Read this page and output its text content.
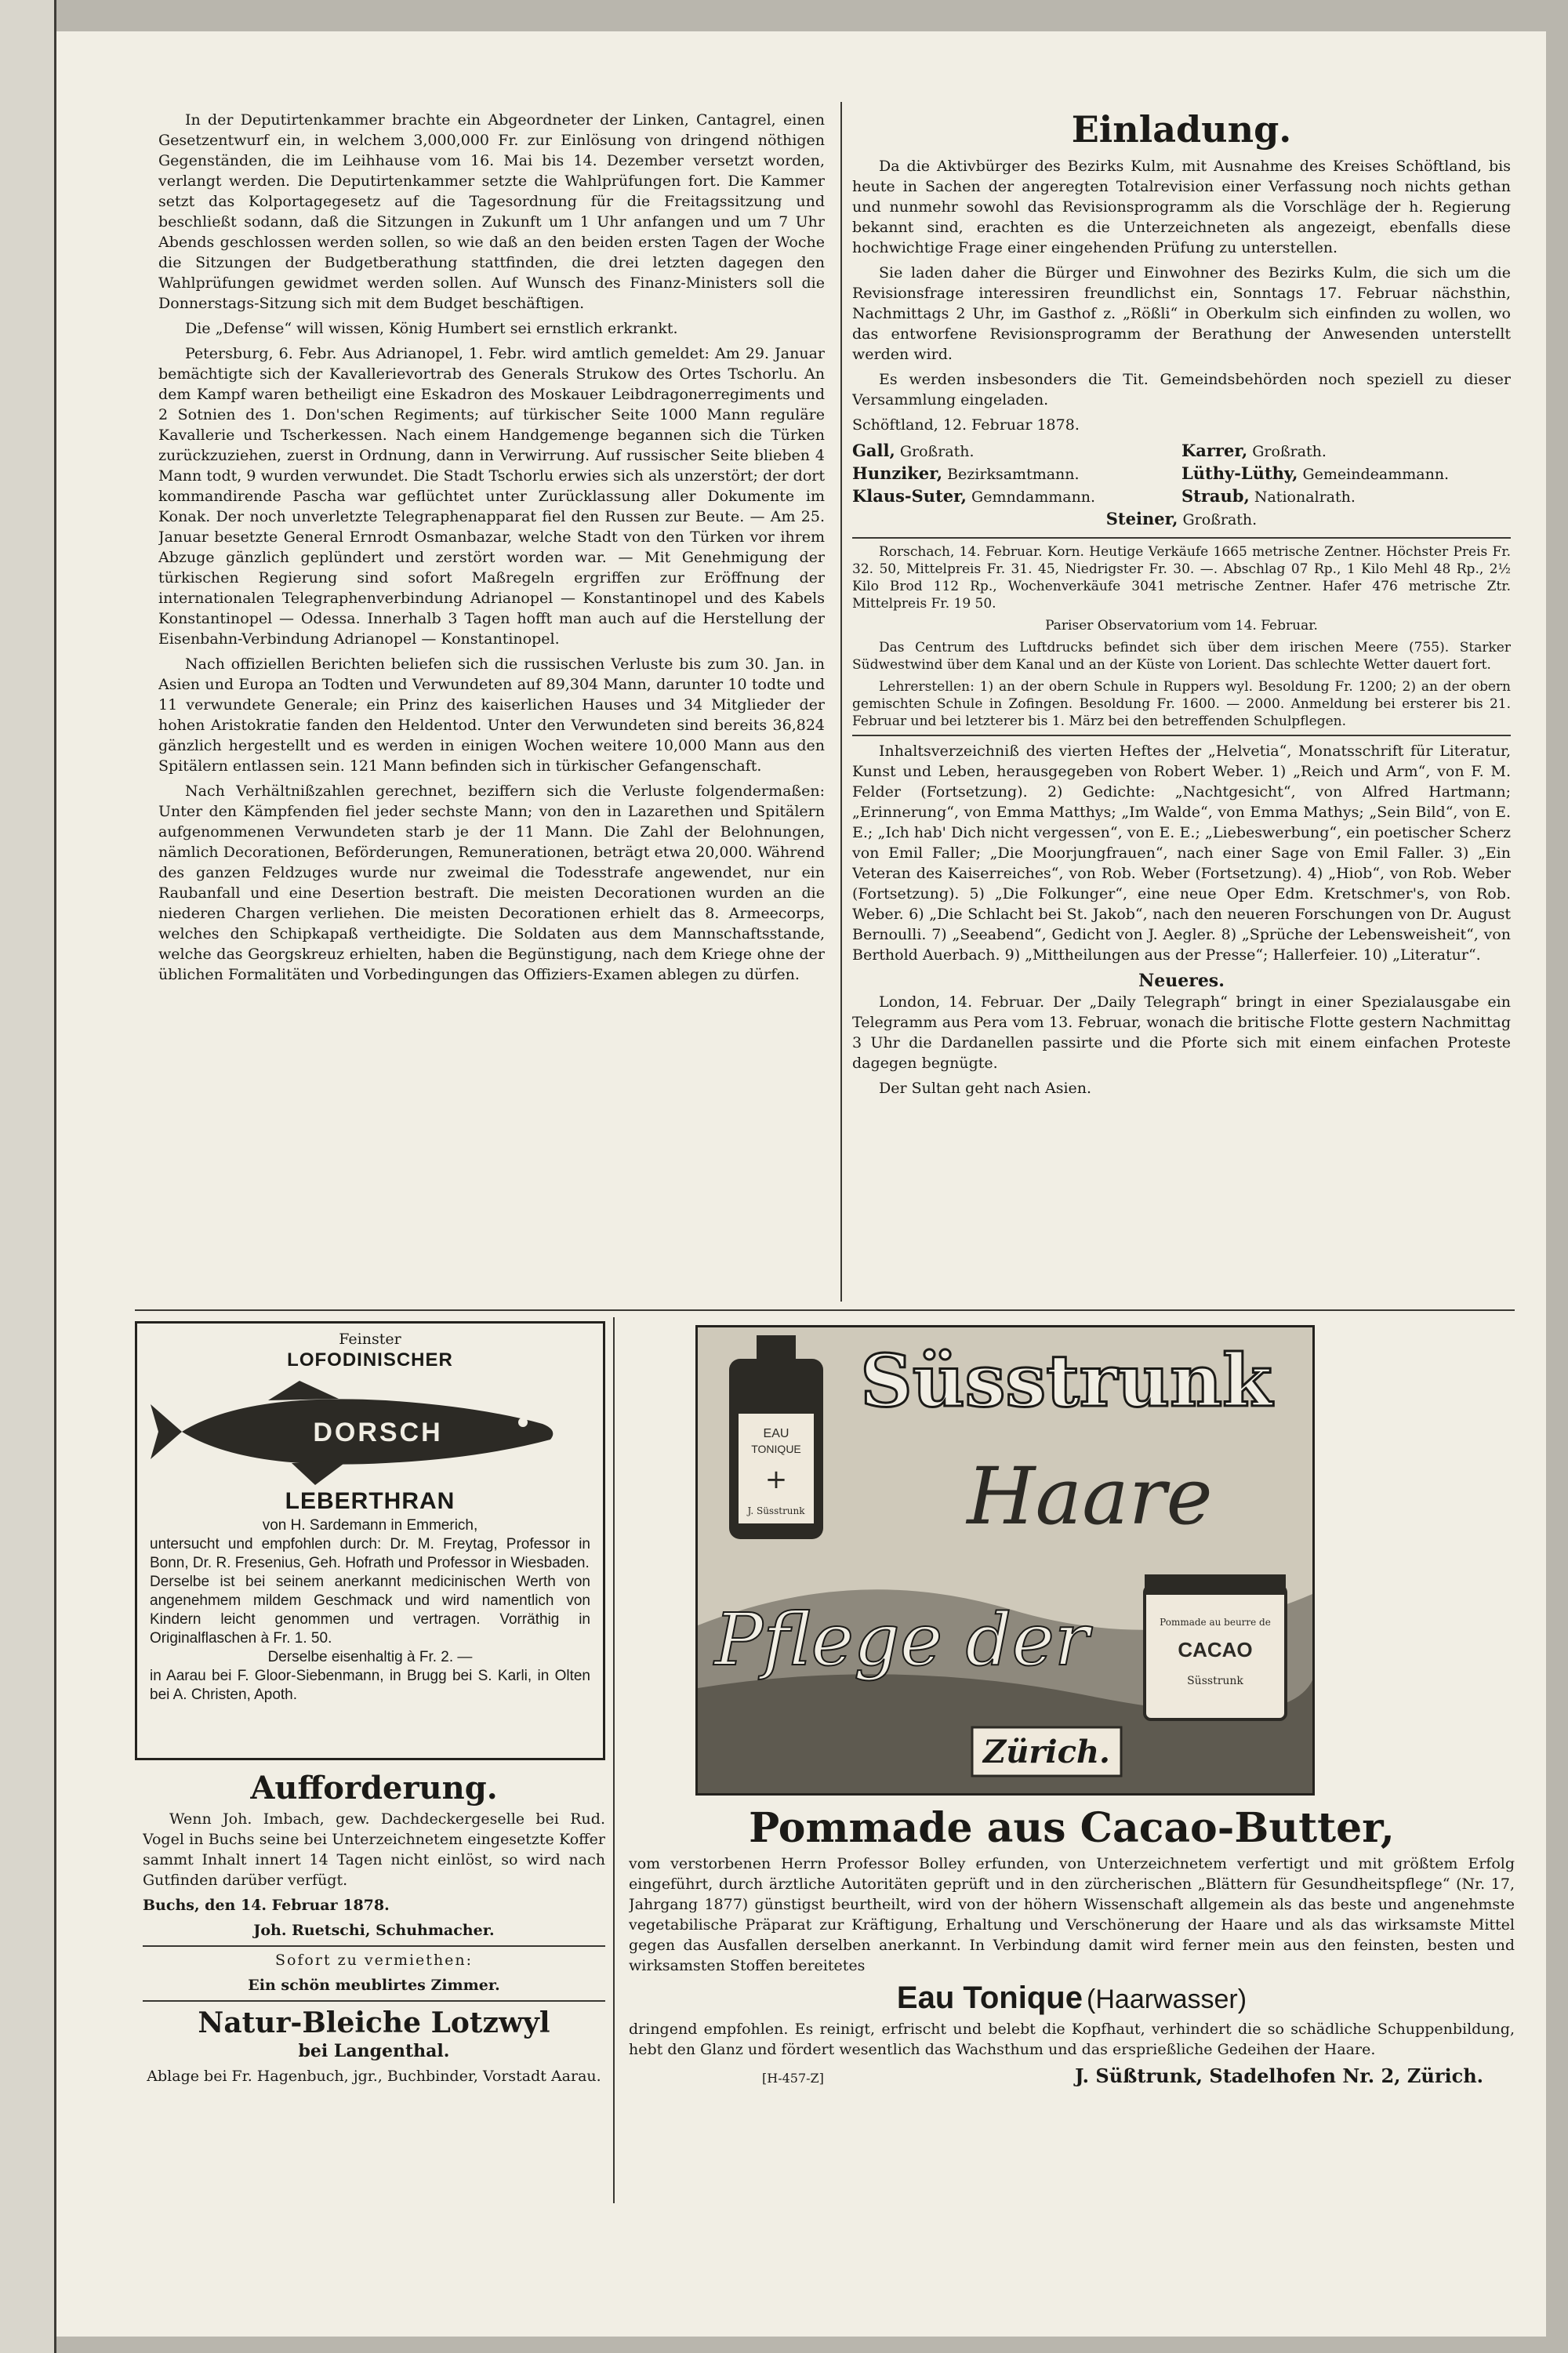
In der Deputirtenkammer brachte ein Abgeordneter der Linken, Cantagrel, einen Gesetzentwurf ein, in welchem 3,000,000 Fr. zur Einlösung von dringend nöthigen Gegenständen, die im Leihhause vom 16. Mai bis 14. Dezember versetzt worden, verlangt werden. Die Deputirtenkammer setzte die Wahlprüfungen fort. Die Kammer setzt das Kolportagegesetz auf die Tagesordnung für die Freitagssitzung und beschließt sodann, daß die Sitzungen in Zukunft um 1 Uhr anfangen und um 7 Uhr Abends geschlossen werden sollen, so wie daß an den beiden ersten Tagen der Woche die Sitzungen der Budgetberathung stattfinden, die drei letzten dagegen den Wahlprüfungen gewidmet werden sollen. Auf Wunsch des Finanz-Ministers soll die Donnerstags-Sitzung sich mit dem Budget beschäftigen.

Die „Defense“ will wissen, König Humbert sei ernstlich erkrankt.

Petersburg, 6. Febr. Aus Adrianopel, 1. Febr. wird amtlich gemeldet: Am 29. Januar bemächtigte sich der Kavallerievortrab des Generals Strukow des Ortes Tschorlu. An dem Kampf waren betheiligt eine Eskadron des Moskauer Leibdragonerregiments und 2 Sotnien des 1. Don'schen Regiments; auf türkischer Seite 1000 Mann reguläre Kavallerie und Tscherkessen. Nach einem Handgemenge begannen sich die Türken zurückzuziehen, zuerst in Ordnung, dann in Verwirrung. Auf russischer Seite blieben 4 Mann todt, 9 wurden verwundet. Die Stadt Tschorlu erwies sich als unzerstört; der dort kommandirende Pascha war geflüchtet unter Zurücklassung aller Dokumente im Konak. Der noch unverletzte Telegraphenapparat fiel den Russen zur Beute. — Am 25. Januar besetzte General Ernrodt Osmanbazar, welche Stadt von den Türken vor ihrem Abzuge gänzlich geplündert und zerstört worden war. — Mit Genehmigung der türkischen Regierung sind sofort Maßregeln ergriffen zur Eröffnung der internationalen Telegraphenverbindung Adrianopel — Konstantinopel und des Kabels Konstantinopel — Odessa. Innerhalb 3 Tagen hofft man auch auf die Herstellung der Eisenbahn-Verbindung Adrianopel — Konstantinopel.

Nach offiziellen Berichten beliefen sich die russischen Verluste bis zum 30. Jan. in Asien und Europa an Todten und Verwundeten auf 89,304 Mann, darunter 10 todte und 11 verwundete Generale; ein Prinz des kaiserlichen Hauses und 34 Mitglieder der hohen Aristokratie fanden den Heldentod. Unter den Verwundeten sind bereits 36,824 gänzlich hergestellt und es werden in einigen Wochen weitere 10,000 Mann aus den Spitälern entlassen sein. 121 Mann befinden sich in türkischer Gefangenschaft.

Nach Verhältnißzahlen gerechnet, beziffern sich die Verluste folgendermaßen: Unter den Kämpfenden fiel jeder sechste Mann; von den in Lazarethen und Spitälern aufgenommenen Verwundeten starb je der 11 Mann. Die Zahl der Belohnungen, nämlich Decorationen, Beförderungen, Remunerationen, beträgt etwa 20,000. Während des ganzen Feldzuges wurde nur zweimal die Todesstrafe angewendet, nur ein Raubanfall und eine Desertion bestraft. Die meisten Decorationen wurden an die niederen Chargen verliehen. Die meisten Decorationen erhielt das 8. Armeecorps, welches den Schipkapaß vertheidigte. Die Soldaten aus dem Mannschaftsstande, welche das Georgskreuz erhielten, haben die Begünstigung, nach dem Kriege ohne der üblichen Formalitäten und Vorbedingungen das Offiziers-Examen ablegen zu dürfen.

Einladung.

Da die Aktivbürger des Bezirks Kulm, mit Ausnahme des Kreises Schöftland, bis heute in Sachen der angeregten Totalrevision einer Verfassung noch nichts gethan und nunmehr sowohl das Revisionsprogramm als die Vorschläge der h. Regierung bekannt sind, erachten es die Unterzeichneten als angezeigt, ebenfalls diese hochwichtige Frage einer eingehenden Prüfung zu unterstellen.

Sie laden daher die Bürger und Einwohner des Bezirks Kulm, die sich um die Revisionsfrage interessiren freundlichst ein, Sonntags 17. Februar nächsthin, Nachmittags 2 Uhr, im Gasthof z. „Rößli“ in Oberkulm sich einfinden zu wollen, wo das entworfene Revisionsprogramm der Berathung der Anwesenden unterstellt werden wird.

Es werden insbesonders die Tit. Gemeindsbehörden noch speziell zu dieser Versammlung eingeladen.

Schöftland, 12. Februar 1878.

Gall, Großrath.	Karrer, Großrath.
Hunziker, Bezirksamtmann.	Lüthy-Lüthy, Gemeindeammann.
Klaus-Suter, Gemndammann.	Straub, Nationalrath.
Steiner, Großrath.

Rorschach, 14. Februar. Korn. Heutige Verkäufe 1665 metrische Zentner. Höchster Preis Fr. 32. 50, Mittelpreis Fr. 31. 45, Niedrigster Fr. 30. —. Abschlag 07 Rp., 1 Kilo Mehl 48 Rp., 2½ Kilo Brod 112 Rp., Wochenverkäufe 3041 metrische Zentner. Hafer 476 metrische Ztr. Mittelpreis Fr. 19 50.

Pariser Observatorium vom 14. Februar.

Das Centrum des Luftdrucks befindet sich über dem irischen Meere (755). Starker Südwestwind über dem Kanal und an der Küste von Lorient. Das schlechte Wetter dauert fort.

Lehrerstellen: 1) an der obern Schule in Ruppers wyl. Besoldung Fr. 1200; 2) an der obern gemischten Schule in Zofingen. Besoldung Fr. 1600. — 2000. Anmeldung bei ersterer bis 21. Februar und bei letzterer bis 1. März bei den betreffenden Schulpflegen.

Inhaltsverzeichniß des vierten Heftes der „Helvetia“, Monatsschrift für Literatur, Kunst und Leben, herausgegeben von Robert Weber. 1) „Reich und Arm“, von F. M. Felder (Fortsetzung). 2) Gedichte: „Nachtgesicht“, von Alfred Hartmann; „Erinnerung“, von Emma Matthys; „Im Walde“, von Emma Mathys; „Sein Bild“, von E. E.; „Ich hab' Dich nicht vergessen“, von E. E.; „Liebeswerbung“, ein poetischer Scherz von Emil Faller; „Die Moorjungfrauen“, nach einer Sage von Emil Faller. 3) „Ein Veteran des Kaiserreiches“, von Rob. Weber (Fortsetzung). 4) „Hiob“, von Rob. Weber (Fortsetzung). 5) „Die Folkunger“, eine neue Oper Edm. Kretschmer's, von Rob. Weber. 6) „Die Schlacht bei St. Jakob“, nach den neueren Forschungen von Dr. August Bernoulli. 7) „Seeabend“, Gedicht von J. Aegler. 8) „Sprüche der Lebensweisheit“, von Berthold Auerbach. 9) „Mittheilungen aus der Presse“; Hallerfeier. 10) „Literatur“.

Neueres.

London, 14. Februar. Der „Daily Telegraph“ bringt in einer Spezialausgabe ein Telegramm aus Pera vom 13. Februar, wonach die britische Flotte gestern Nachmittag 3 Uhr die Dardanellen passirte und die Pforte sich mit einem einfachen Proteste dagegen begnügte.

Der Sultan geht nach Asien.

Feinster
LOFODINISCHER
DORSCH
LEBERTHRAN
von H. Sardemann in Emmerich,
untersucht und empfohlen durch: Dr. M. Freytag, Professor in Bonn, Dr. R. Fresenius, Geh. Hofrath und Professor in Wiesbaden.
Derselbe ist bei seinem anerkannt medicinischen Werth von angenehmem mildem Geschmack und wird namentlich von Kindern leicht genommen und vertragen. Vorräthig in Originalflaschen à Fr. 1. 50.
Derselbe eisenhaltig à Fr. 2. —
in Aarau bei F. Gloor-Siebenmann, in Brugg bei S. Karli, in Olten bei A. Christen, Apoth.
Aufforderung.

Wenn Joh. Imbach, gew. Dachdeckergeselle bei Rud. Vogel in Buchs seine bei Unterzeichnetem eingesetzte Koffer sammt Inhalt innert 14 Tagen nicht einlöst, so wird nach Gutfinden darüber verfügt.

Buchs, den 14. Februar 1878.

Joh. Ruetschi, Schuhmacher.

Sofort zu vermiethen:

Ein schön meublirtes Zimmer.

Natur-Bleiche Lotzwyl

bei Langenthal.

Ablage bei Fr. Hagenbuch, jgr., Buchbinder, Vorstadt Aarau.

EAU
TONIQUE
+
J. Süsstrunk
Süsstrunk
Haare
Pflege der	Pommade au beurre de
CACAO
Süsstrunk
Zürich.
Pommade aus Cacao-Butter,

vom verstorbenen Herrn Professor Bolley erfunden, von Unterzeichnetem verfertigt und mit größtem Erfolg eingeführt, durch ärztliche Autoritäten geprüft und in den zürcherischen „Blättern für Gesundheitspflege“ (Nr. 17, Jahrgang 1877) günstigst beurtheilt, wird von der höhern Wissenschaft allgemein als das beste und angenehmste vegetabilische Präparat zur Kräftigung, Erhaltung und Verschönerung der Haare und als das wirksamste Mittel gegen das Ausfallen derselben anerkannt. In Verbindung damit wird ferner mein aus den feinsten, besten und wirksamsten Stoffen bereitetes

Eau Tonique (Haarwasser)

dringend empfohlen. Es reinigt, erfrischt und belebt die Kopfhaut, verhindert die so schädliche Schuppenbildung, hebt den Glanz und fördert wesentlich das Wachsthum und das ersprießliche Gedeihen der Haare.

[H-457-Z]	J. Süßtrunk, Stadelhofen Nr. 2, Zürich.
